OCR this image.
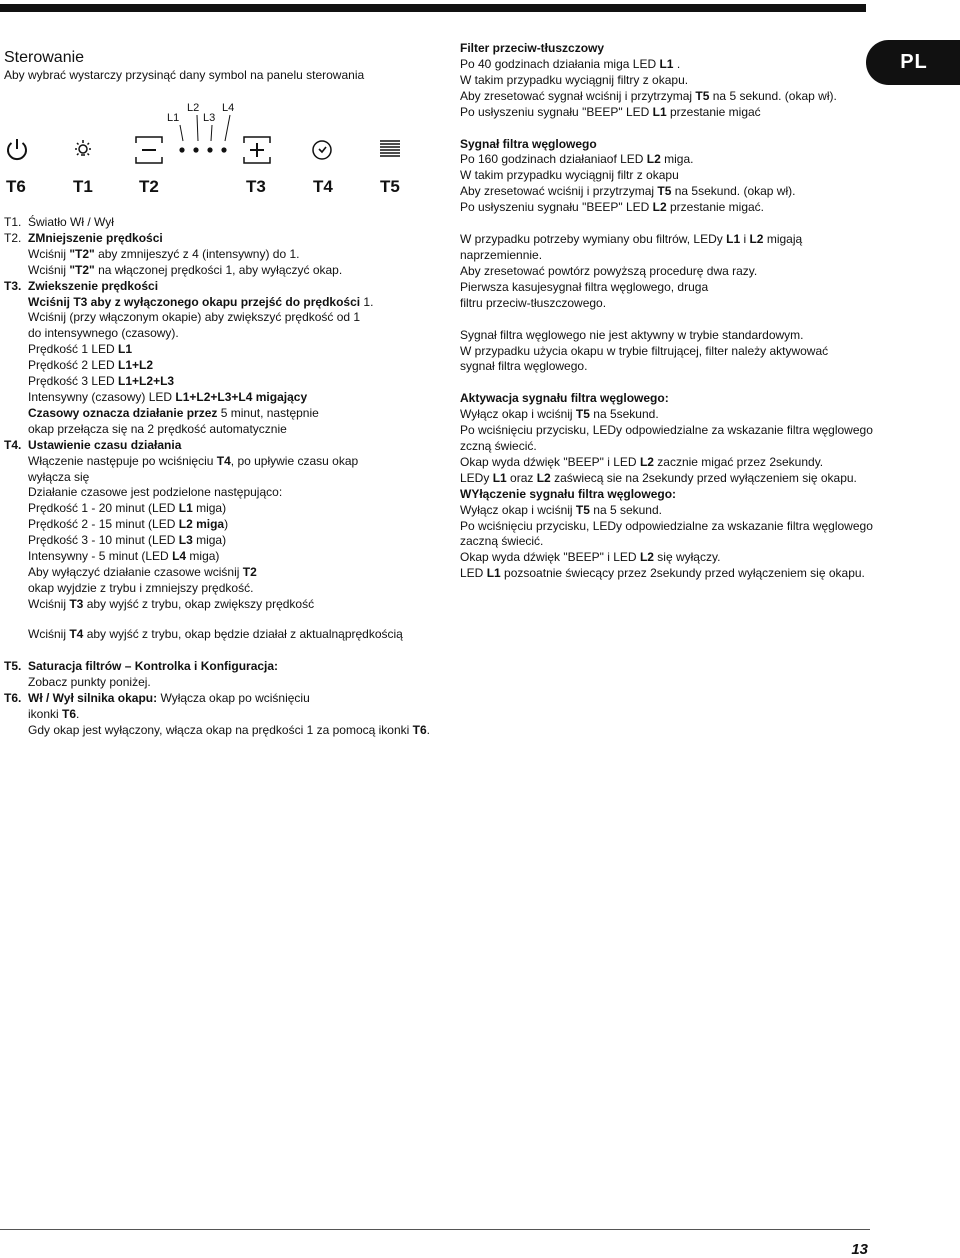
PL
Sterowanie
Aby wybrać wystarczy przysinąć dany symbol na panelu sterowania
L1
L2
L3
L4
T6	T1	T2	T3	T4	T5
T1. Światło Wł / Wył
T2. ZMniejszenie prędkości
Wciśnij "T2" aby zmnijeszyć z 4 (intensywny) do 1.
Wciśnij "T2" na włączonej prędkości 1, aby wyłączyć okap.
T3. Zwiekszenie prędkości
Wciśnij T3 aby z wyłączonego okapu przejść do prędkości 1.
Wciśnij (przy włączonym okapie) aby zwiększyć prędkość od 1
do intensywnego (czasowy).
Prędkość 1 LED L1
Prędkość 2 LED L1+L2
Prędkość 3 LED L1+L2+L3
Intensywny (czasowy) LED L1+L2+L3+L4 migający
Czasowy oznacza działanie przez 5 minut, następnie
okap przełącza się na 2 prędkość automatycznie
T4. Ustawienie czasu działania
Włączenie następuje po wciśnięciu T4, po upływie czasu okap
wyłącza się
Działanie czasowe jest podzielone następująco:
Prędkość 1 - 20 minut (LED L1 miga)
Prędkość 2 - 15 minut (LED L2 miga)
Prędkość 3 - 10 minut (LED L3 miga)
Intensywny - 5 minut (LED L4 miga)
Aby wyłączyć działanie czasowe wciśnij T2
okap wyjdzie z trybu i zmniejszy prędkość.
Wciśnij T3 aby wyjść z trybu, okap zwiększy prędkość
Wciśnij T4 aby wyjść z trybu, okap będzie działał z aktualnąprędkością
T5. Saturacja filtrów – Kontrolka i Konfiguracja:
Zobacz punkty poniżej.
T6. Wł / Wył silnika okapu: Wyłącza okap po wciśnięciu
ikonki T6.
Gdy okap jest wyłączony, włącza okap na prędkości 1 za pomocą ikonki T6.
Filter przeciw-tłuszczowy
Po 40 godzinach działania miga LED L1 .
W takim przypadku wyciągnij filtry z okapu.
Aby zresetować sygnał wciśnij i przytrzymaj T5 na 5 sekund. (okap wł).
Po usłyszeniu sygnału "BEEP" LED L1 przestanie migać
Sygnał filtra węglowego
Po 160 godzinach działaniaof LED L2 miga.
W takim przypadku wyciągnij filtr z okapu
Aby zresetować wciśnij i przytrzymaj T5 na 5sekund. (okap wł).
Po usłyszeniu sygnału "BEEP" LED L2 przestanie migać.
W przypadku potrzeby wymiany obu filtrów, LEDy L1 i L2 migają
naprzemiennie.
Aby zresetować powtórz powyższą procedurę dwa razy.
Pierwsza kasujesygnał filtra węglowego, druga
filtru przeciw-tłuszczowego.
Sygnał filtra węglowego nie jest aktywny w trybie standardowym.
W przypadku użycia okapu w trybie filtrującej, filter należy aktywować
sygnał filtra węglowego.
Aktywacja sygnału filtra węglowego:
Wyłącz okap i wciśnij T5 na 5sekund.
Po wciśnięciu przycisku, LEDy odpowiedzialne za wskazanie filtra węglowego
zczną świecić.
Okap wyda dźwięk "BEEP" i LED L2 zacznie migać przez 2sekundy.
LEDy L1 oraz L2 zaświecą sie na 2sekundy przed wyłączeniem się okapu.
WYłączenie sygnału filtra węglowego:
Wyłącz okap i wciśnij T5 na 5 sekund.
Po wciśnięciu przycisku, LEDy odpowiedzialne za wskazanie filtra węglowego
zaczną świecić.
Okap wyda dźwięk "BEEP" i LED L2 się wyłączy.
LED L1 pozsoatnie świecący przez 2sekundy przed wyłączeniem się okapu.
13
